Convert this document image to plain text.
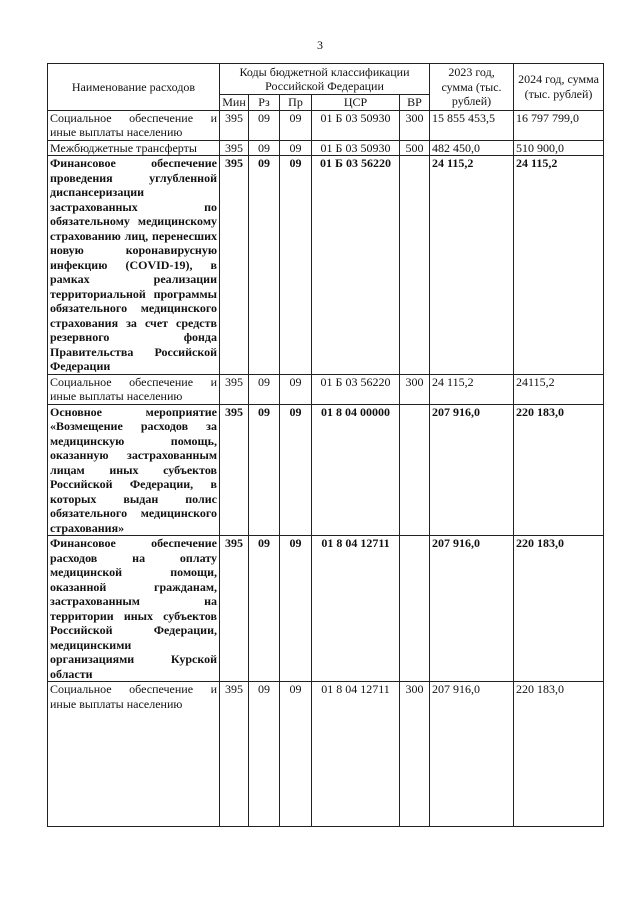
3
Наименование расходов	Коды бюджетной классификации Российской Федерации					2023 год, сумма (тыс. рублей)	2024 год, сумма (тыс. рублей)
	Мин	Рз	Пр	ЦСР	ВР		
Социальное обеспечение и иные выплаты населению	395	09	09	01 Б 03 50930	300	15 855 453,5	16 797 799,0
Межбюджетные трансферты	395	09	09	01 Б 03 50930	500	482 450,0	510 900,0
Финансовое обеспечение проведения углубленной диспансеризации застрахованных по обязательному медицинскому страхованию лиц, перенесших новую коронавирусную инфекцию (COVID-19), в рамках реализации территориальной программы обязательного медицинского страхования за счет средств резервного фонда Правительства Российской Федерации	395	09	09	01 Б 03 56220		24 115,2	24 115,2
Социальное обеспечение и иные выплаты населению	395	09	09	01 Б 03 56220	300	24 115,2	24115,2
Основное мероприятие «Возмещение расходов за медицинскую помощь, оказанную застрахованным лицам иных субъектов Российской Федерации, в которых выдан полис обязательного медицинского страхования»	395	09	09	01 8 04 00000		207 916,0	220 183,0
Финансовое обеспечение расходов на оплату медицинской помощи, оказанной гражданам, застрахованным на территории иных субъектов Российской Федерации, медицинскими организациями Курской области	395	09	09	01 8 04 12711		207 916,0	220 183,0
Социальное обеспечение и иные выплаты населению	395	09	09	01 8 04 12711	300	207 916,0	220 183,0
